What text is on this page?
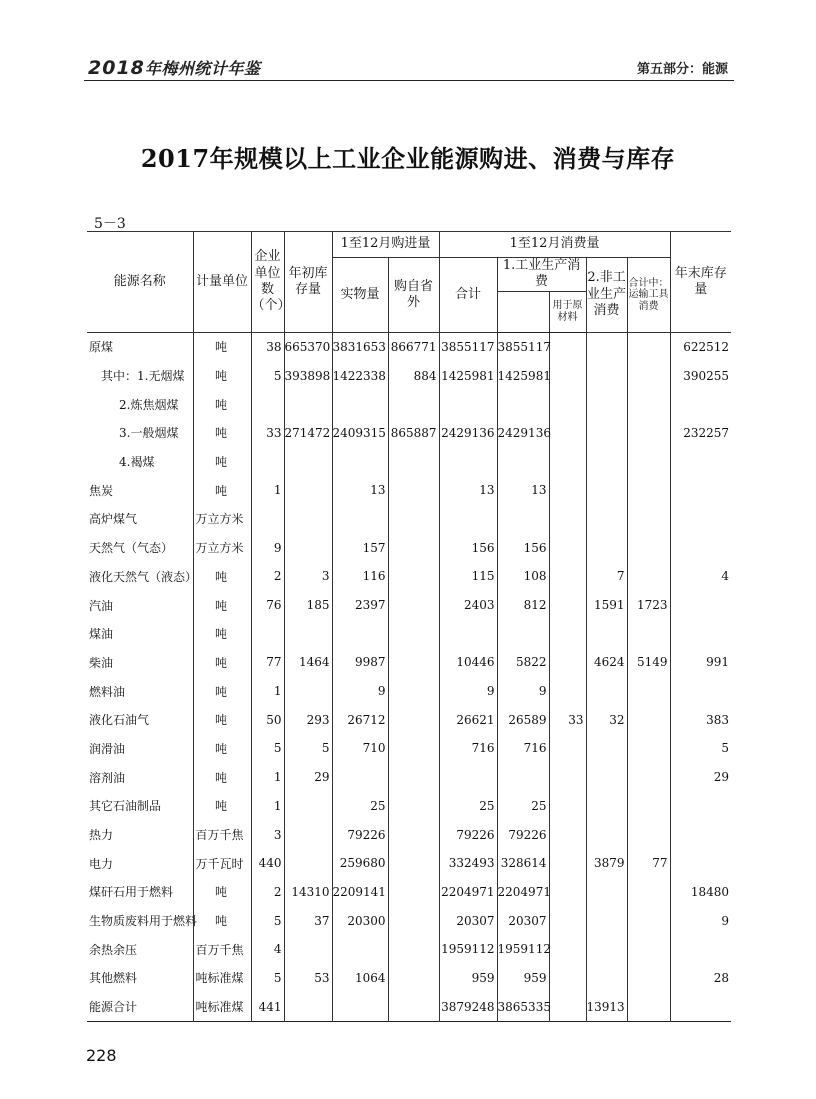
2018年梅州统计年鉴	第五部分：能源
2017年规模以上工业企业能源购进、消费与库存
5－3
能源名称	计量单位	企业单位数（个）	年初库存量	1至12月购进量		1至12月消费量					年末库存量
				实物量	购自省外	合计	1.工业生产消费		2.非工业生产消费	合计中：运输工具消费	
								用于原材料			
原煤	吨	38	665370	3831653	866771	3855117	3855117				622512
其中：1.无烟煤	吨	5	393898	1422338	884	1425981	1425981				390255
2.炼焦烟煤	吨										
3.一般烟煤	吨	33	271472	2409315	865887	2429136	2429136				232257
4.褐煤	吨										
焦炭	吨	1		13		13	13				
高炉煤气	万立方米										
天然气（气态）	万立方米	9		157		156	156				
液化天然气（液态）	吨	2	3	116		115	108		7		4
汽油	吨	76	185	2397		2403	812		1591	1723	
煤油	吨										
柴油	吨	77	1464	9987		10446	5822		4624	5149	991
燃料油	吨	1		9		9	9				
液化石油气	吨	50	293	26712		26621	26589	33	32		383
润滑油	吨	5	5	710		716	716				5
溶剂油	吨	1	29								29
其它石油制品	吨	1		25		25	25				
热力	百万千焦	3		79226		79226	79226				
电力	万千瓦时	440		259680		332493	328614		3879	77	
煤矸石用于燃料	吨	2	14310	2209141		2204971	2204971				18480
生物质废料用于燃料	吨	5	37	20300		20307	20307				9
余热余压	百万千焦	4				1959112	1959112				
其他燃料	吨标准煤	5	53	1064		959	959				28
能源合计	吨标准煤	441				3879248	3865335		13913		
228
